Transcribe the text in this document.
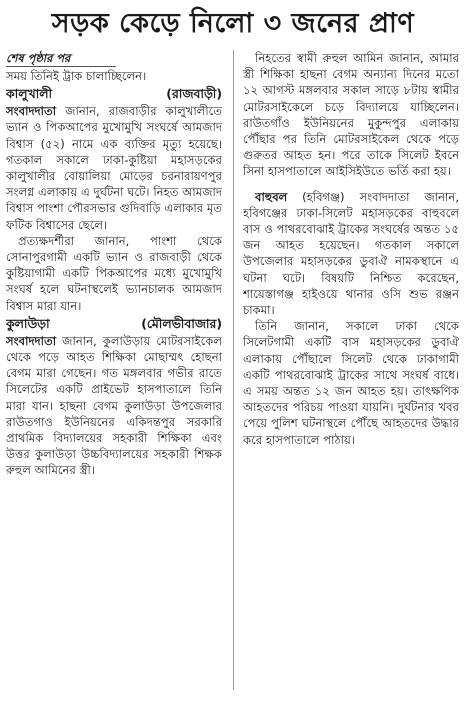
সড়ক কেড়ে নিলো ৩ জনের প্রাণ
শেষ পৃষ্ঠার পর

সময় তিনিই ট্রাক চালাচ্ছিলেন।

কালুখালী	(রাজবাড়ী)

সংবাদদাতা জানান, রাজবাড়ীর কালুখালীতে ভ্যান ও পিকআপের মুখোমুখি সংঘর্ষে আমজাদ বিশ্বাস (৫২) নামে এক ব্যক্তির মৃত্যু হয়েছে। গতকাল সকালে ঢাকা-কুষ্টিয়া মহাসড়কের কালুখালীর বোয়ালিয়া মোড়ের চরনারায়ণপুর সংলগ্ন এলাকায় এ দুর্ঘটনা ঘটে। নিহত আমজাদ বিশ্বাস পাংশা পৌরসভার গুদিবাড়ি এলাকার মৃত ফটিক বিশ্বাসের ছেলে।

প্রত্যক্ষদর্শীরা জানান, পাংশা থেকে সোনাপুরগামী একটি ভ্যান ও রাজবাড়ী থেকে কুষ্টিয়াগামী একটি পিকআপের মধ্যে মুখোমুখি সংঘর্ষ হলে ঘটনাস্থলেই ভ্যানচালক আমজাদ বিশ্বাস মারা যান।

কুলাউড়া	(মৌলভীবাজার)

সংবাদদাতা জানান, কুলাউড়ায় মোটরসাইকেল থেকে পড়ে আহত শিক্ষিকা মোছাম্মৎ হোছনা বেগম মারা গেছেন। গত মঙ্গলবার গভীর রাতে সিলেটের একটি প্রাইভেট হাসপাতালে তিনি মারা যান। হাছনা বেগম কুলাউড়া উপজেলার রাউতগাও ইউনিয়নের একিদন্তপুর সরকারি প্রাথমিক বিদ্যালয়ের সহকারী শিক্ষিকা এবং উত্তর কুলাউড়া উচ্চবিদ্যালয়ের সহকারী শিক্ষক রুহুল আমিনের স্ত্রী।

নিহতের স্বামী রুহুল আমিন জানান, আমার স্ত্রী শিক্ষিকা হাছনা বেগম অন্যান্য দিনের মতো ১২ আগস্ট মঙ্গলবার সকাল সাড়ে ৮টায় স্বামীর মোটরসাইকেলে চড়ে বিদ্যালয়ে যাচ্ছিলেন। রাউতগাঁও ইউনিয়নের মুকুন্দপুর এলাকায় পৌঁছার পর তিনি মোটরসাইকেল থেকে পড়ে গুরুতর আহত হন। পরে তাকে সিলেট ইবনে সিনা হাসপাতালে আইসিইউতে ভর্তি করা হয়।

বাহুবল (হবিগঞ্জ) সংবাদদাতা জানান, হবিগঞ্জের ঢাকা-সিলেট মহাসড়কের বাহুবলে বাস ও পাথরবোঝাই ট্রাকের সংঘর্ষের অন্তত ১৫ জন আহত হয়েছেন। গতকাল সকালে উপজেলার মহাসড়কের ডুবাঐ নামকস্থানে এ ঘটনা ঘটে। বিষয়টি নিশ্চিত করেছেন, শায়েস্তাগঞ্জ হাইওয়ে থানার ওসি শুভ রঞ্জন চাকমা।

তিনি জানান, সকালে ঢাকা থেকে সিলেটগামী একটি বাস মহাসড়কের ডুবাঐ এলাকায় পৌঁছালে সিলেট থেকে ঢাকাগামী একটি পাথরবোঝাই ট্রাকের সাথে সংঘর্ষ বাধে। এ সময় অন্তত ১২ জন আহত হয়। তাৎক্ষণিক আহতদের পরিচয় পাওয়া যায়নি। দুর্ঘটনার খবর পেয়ে পুলিশ ঘটনাস্থলে পৌঁছে আহতদের উদ্ধার করে হাসপাতালে পাঠায়।
